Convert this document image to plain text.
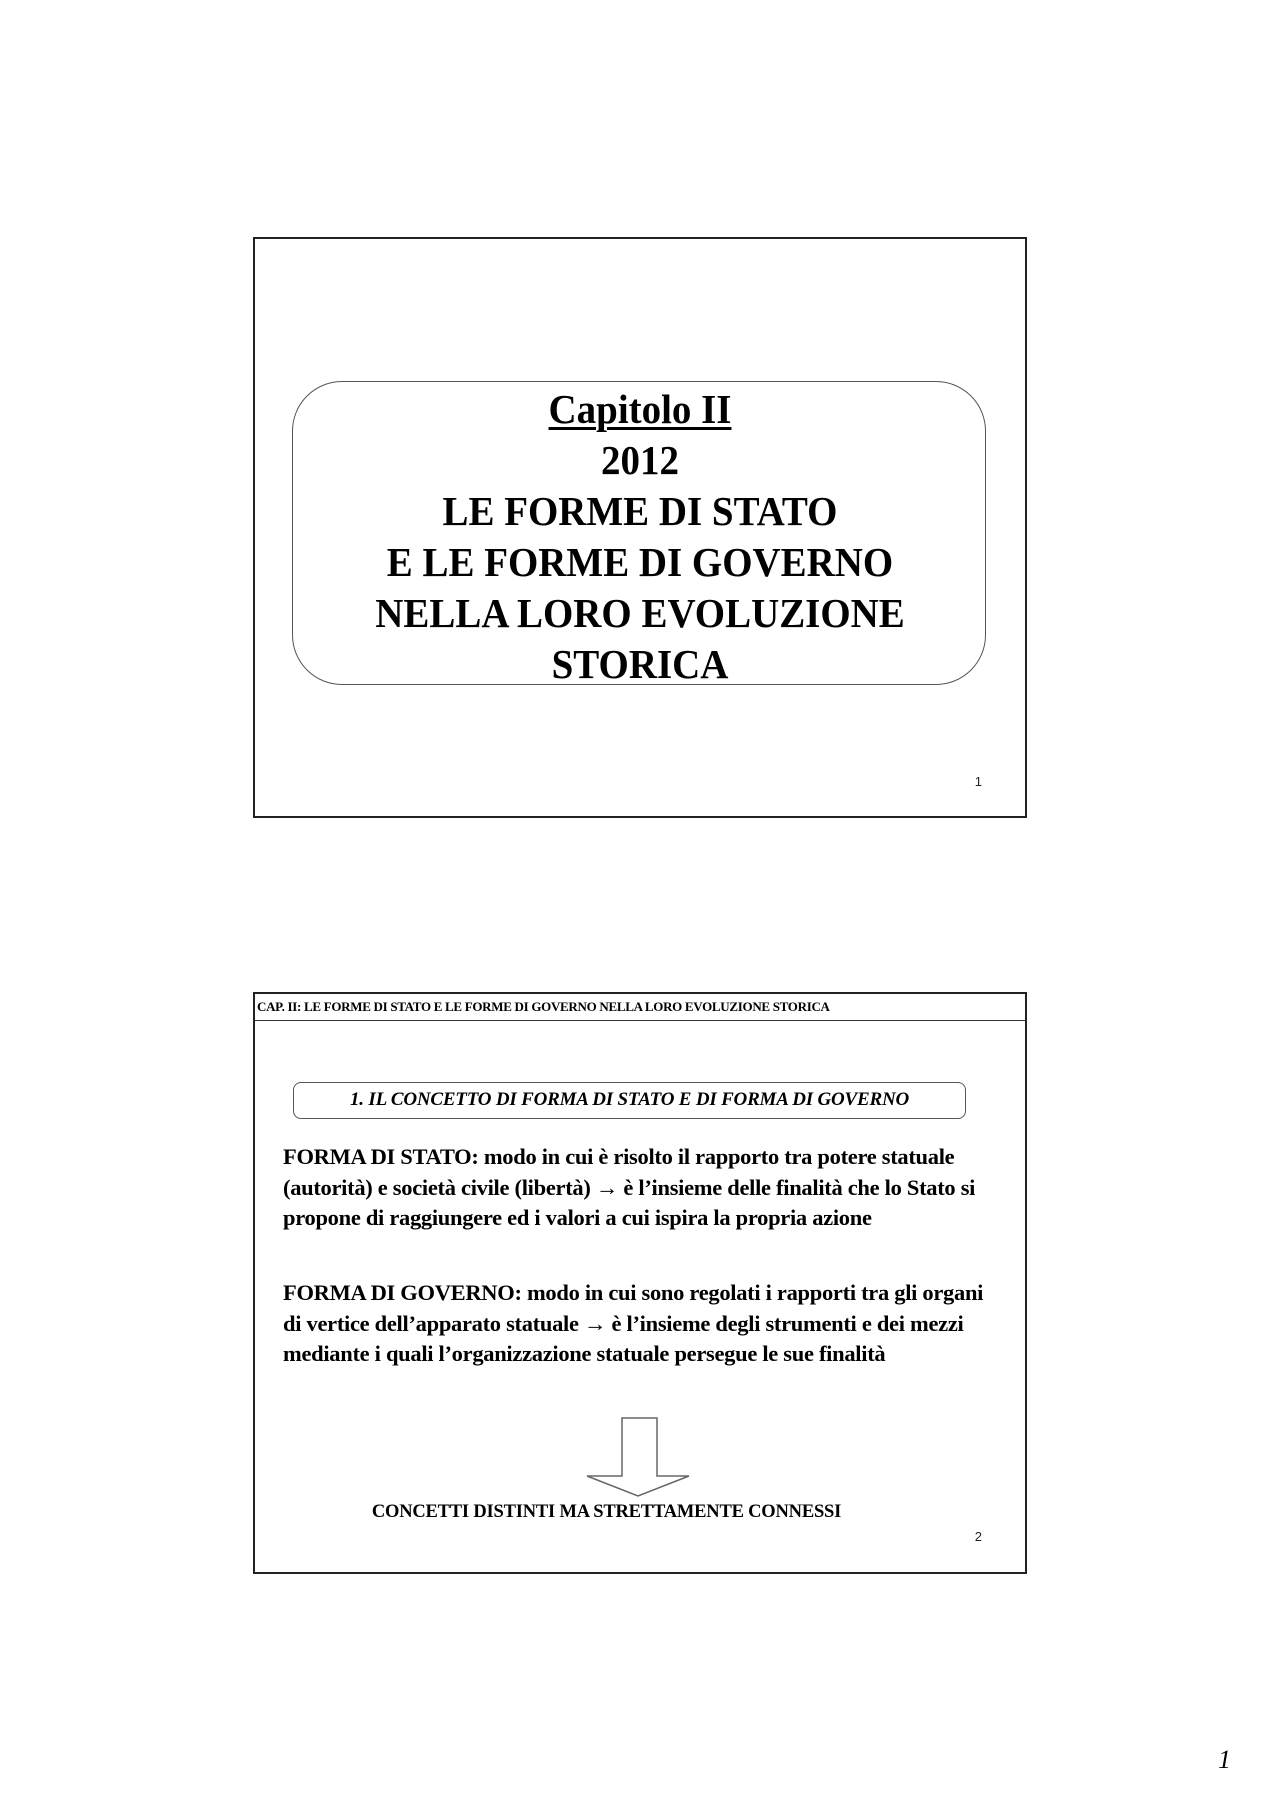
Capitolo II
2012
LE FORME DI STATO
E LE FORME DI GOVERNO
NELLA LORO EVOLUZIONE
STORICA
1
CAP. II: LE FORME DI STATO E LE FORME DI GOVERNO NELLA LORO EVOLUZIONE STORICA
1. IL CONCETTO DI FORMA DI STATO E DI FORMA DI GOVERNO
FORMA DI STATO: modo in cui è risolto il rapporto tra potere statuale (autorità) e società civile (libertà) → è l’insieme delle finalità che lo Stato si propone di raggiungere ed i valori a cui ispira la propria azione
FORMA DI GOVERNO: modo in cui sono regolati i rapporti tra gli organi di vertice dell’apparato statuale → è l’insieme degli strumenti e dei mezzi mediante i quali l’organizzazione statuale persegue le sue finalità
CONCETTI DISTINTI MA STRETTAMENTE CONNESSI
2
1
